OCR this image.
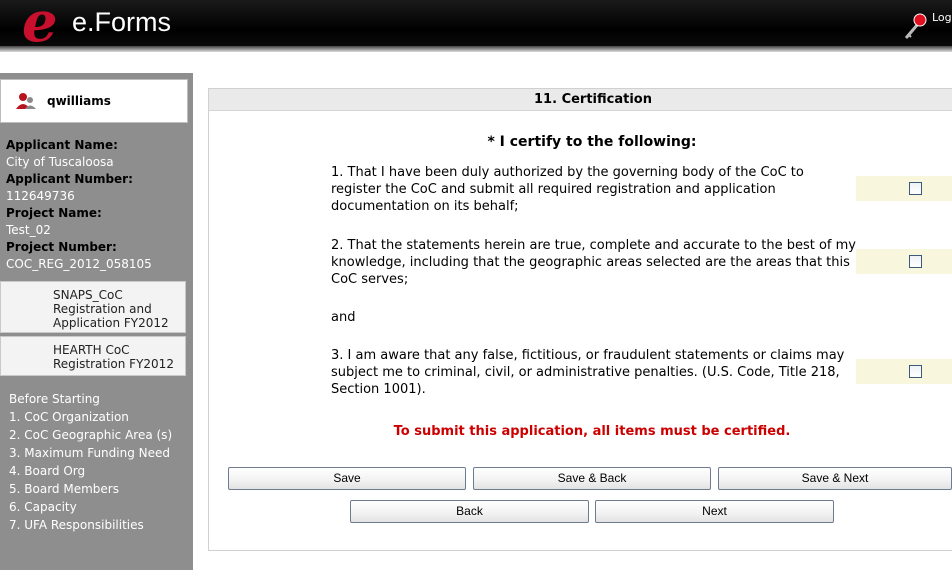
e e.Forms	Log
qwilliams
Applicant Name:
City of Tuscaloosa
Applicant Number:
112649736
Project Name:
Test_02
Project Number:
COC_REG_2012_058105
SNAPS_CoC Registration and Application FY2012
HEARTH CoC Registration FY2012
Before Starting
1. CoC Organization
2. CoC Geographic Area (s)
3. Maximum Funding Need
4. Board Org
5. Board Members
6. Capacity
7. UFA Responsibilities
11. Certification
* I certify to the following:
1. That I have been duly authorized by the governing body of the CoC to register the CoC and submit all required registration and application documentation on its behalf;
2. That the statements herein are true, complete and accurate to the best of my knowledge, including that the geographic areas selected are the areas that this CoC serves;
and
3. I am aware that any false, fictitious, or fraudulent statements or claims may subject me to criminal, civil, or administrative penalties. (U.S. Code, Title 218, Section 1001).
To submit this application, all items must be certified.
Save	Save & Back	Save & Next
Back	Next
